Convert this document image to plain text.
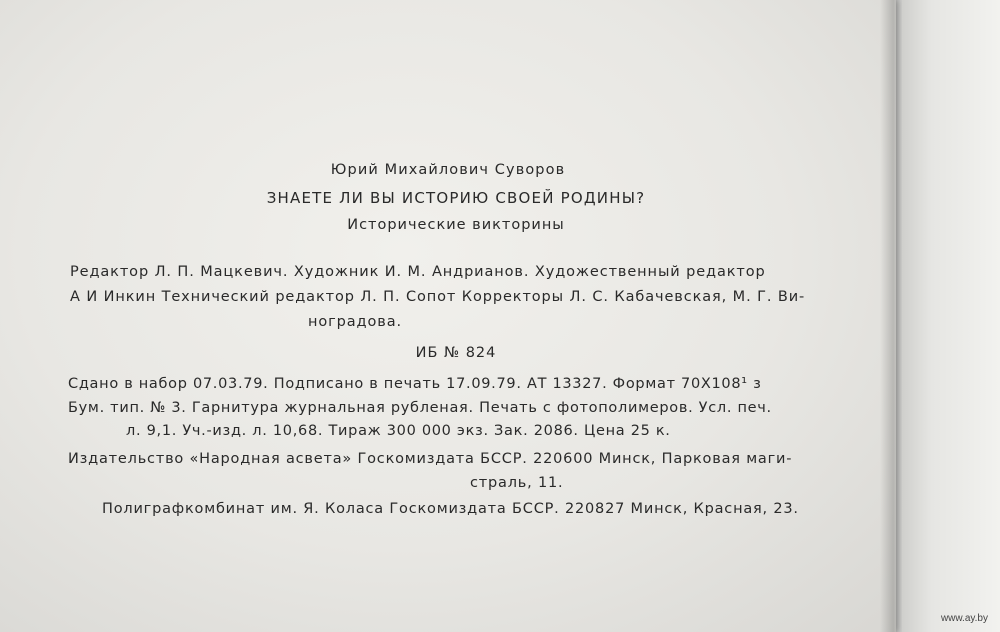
Юрий Михайлович Суворов
ЗНАЕТЕ ЛИ ВЫ ИСТОРИЮ СВОЕЙ РОДИНЫ?
Исторические викторины
Редактор Л. П. Мацкевич. Художник И. М. Андрианов. Художественный редактор
А И Инкин Технический редактор Л. П. Сопот Корректоры Л. С. Кабачевская, М. Г. Ви-
ноградова.
ИБ № 824
Сдано в набор 07.03.79. Подписано в печать 17.09.79. АТ 13327. Формат 70Х108¹ з
Бум. тип. № 3. Гарнитура журнальная рубленая. Печать с фотополимеров. Усл. печ.
л. 9,1. Уч.-изд. л. 10,68. Тираж 300 000 экз. Зак. 2086. Цена 25 к.
Издательство «Народная асвета» Госкомиздата БССР. 220600 Минск, Парковая маги-
страль, 11.
Полиграфкомбинат им. Я. Коласа Госкомиздата БССР. 220827 Минск, Красная, 23.
www.ay.by
